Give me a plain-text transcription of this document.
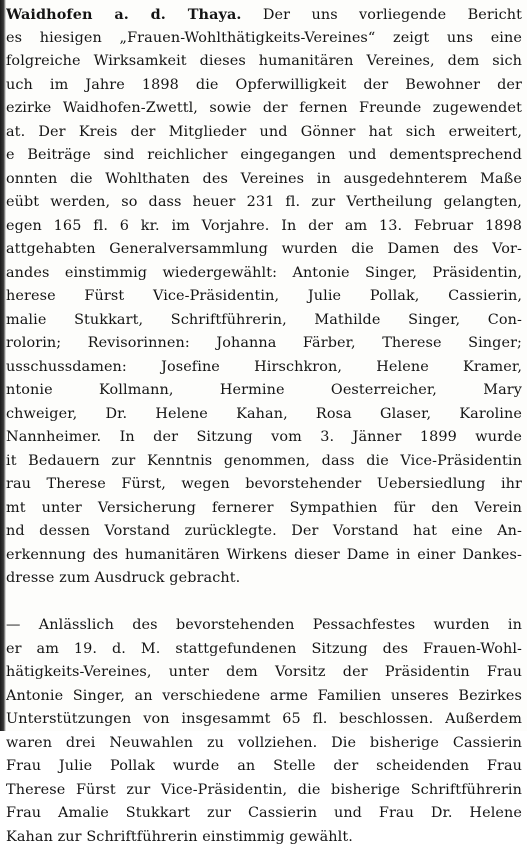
Waidhofen a. d. Thaya. Der uns vorliegende Bericht
es hiesigen „Frauen-Wohlthätigkeits-Vereines“ zeigt uns eine
folgreiche Wirksamkeit dieses humanitären Vereines, dem sich
uch im Jahre 1898 die Opferwilligkeit der Bewohner der
ezirke Waidhofen-Zwettl, sowie der fernen Freunde zugewendet
at. Der Kreis der Mitglieder und Gönner hat sich erweitert,
e Beiträge sind reichlicher eingegangen und dementsprechend
onnten die Wohlthaten des Vereines in ausgedehnterem Maße
eübt werden, so dass heuer 231 fl. zur Vertheilung gelangten,
egen 165 fl. 6 kr. im Vorjahre. In der am 13. Februar 1898
attgehabten Generalversammlung wurden die Damen des Vor-
andes einstimmig wiedergewählt: Antonie Singer, Präsidentin,
herese Fürst Vice-Präsidentin, Julie Pollak, Cassierin,
malie Stukkart, Schriftführerin, Mathilde Singer, Con-
rolorin; Revisorinnen: Johanna Färber, Therese Singer;
usschussdamen: Josefine Hirschkron, Helene Kramer,
ntonie Kollmann, Hermine Oesterreicher, Mary
chweiger, Dr. Helene Kahan, Rosa Glaser, Karoline
Nannheimer. In der Sitzung vom 3. Jänner 1899 wurde
it Bedauern zur Kenntnis genommen, dass die Vice-Präsidentin
rau Therese Fürst, wegen bevorstehender Uebersiedlung ihr
mt unter Versicherung fernerer Sympathien für den Verein
nd dessen Vorstand zurücklegte. Der Vorstand hat eine An-
erkennung des humanitären Wirkens dieser Dame in einer Dankes-
dresse zum Ausdruck gebracht.
— Anlässlich des bevorstehenden Pessachfestes wurden in
er am 19. d. M. stattgefundenen Sitzung des Frauen-Wohl-
hätigkeits-Vereines, unter dem Vorsitz der Präsidentin Frau
Antonie Singer, an verschiedene arme Familien unseres Bezirkes
Unterstützungen von insgesammt 65 fl. beschlossen. Außerdem
waren drei Neuwahlen zu vollziehen. Die bisherige Cassierin
Frau Julie Pollak wurde an Stelle der scheidenden Frau
Therese Fürst zur Vice-Präsidentin, die bisherige Schriftführerin
Frau Amalie Stukkart zur Cassierin und Frau Dr. Helene
Kahan zur Schriftführerin einstimmig gewählt.
